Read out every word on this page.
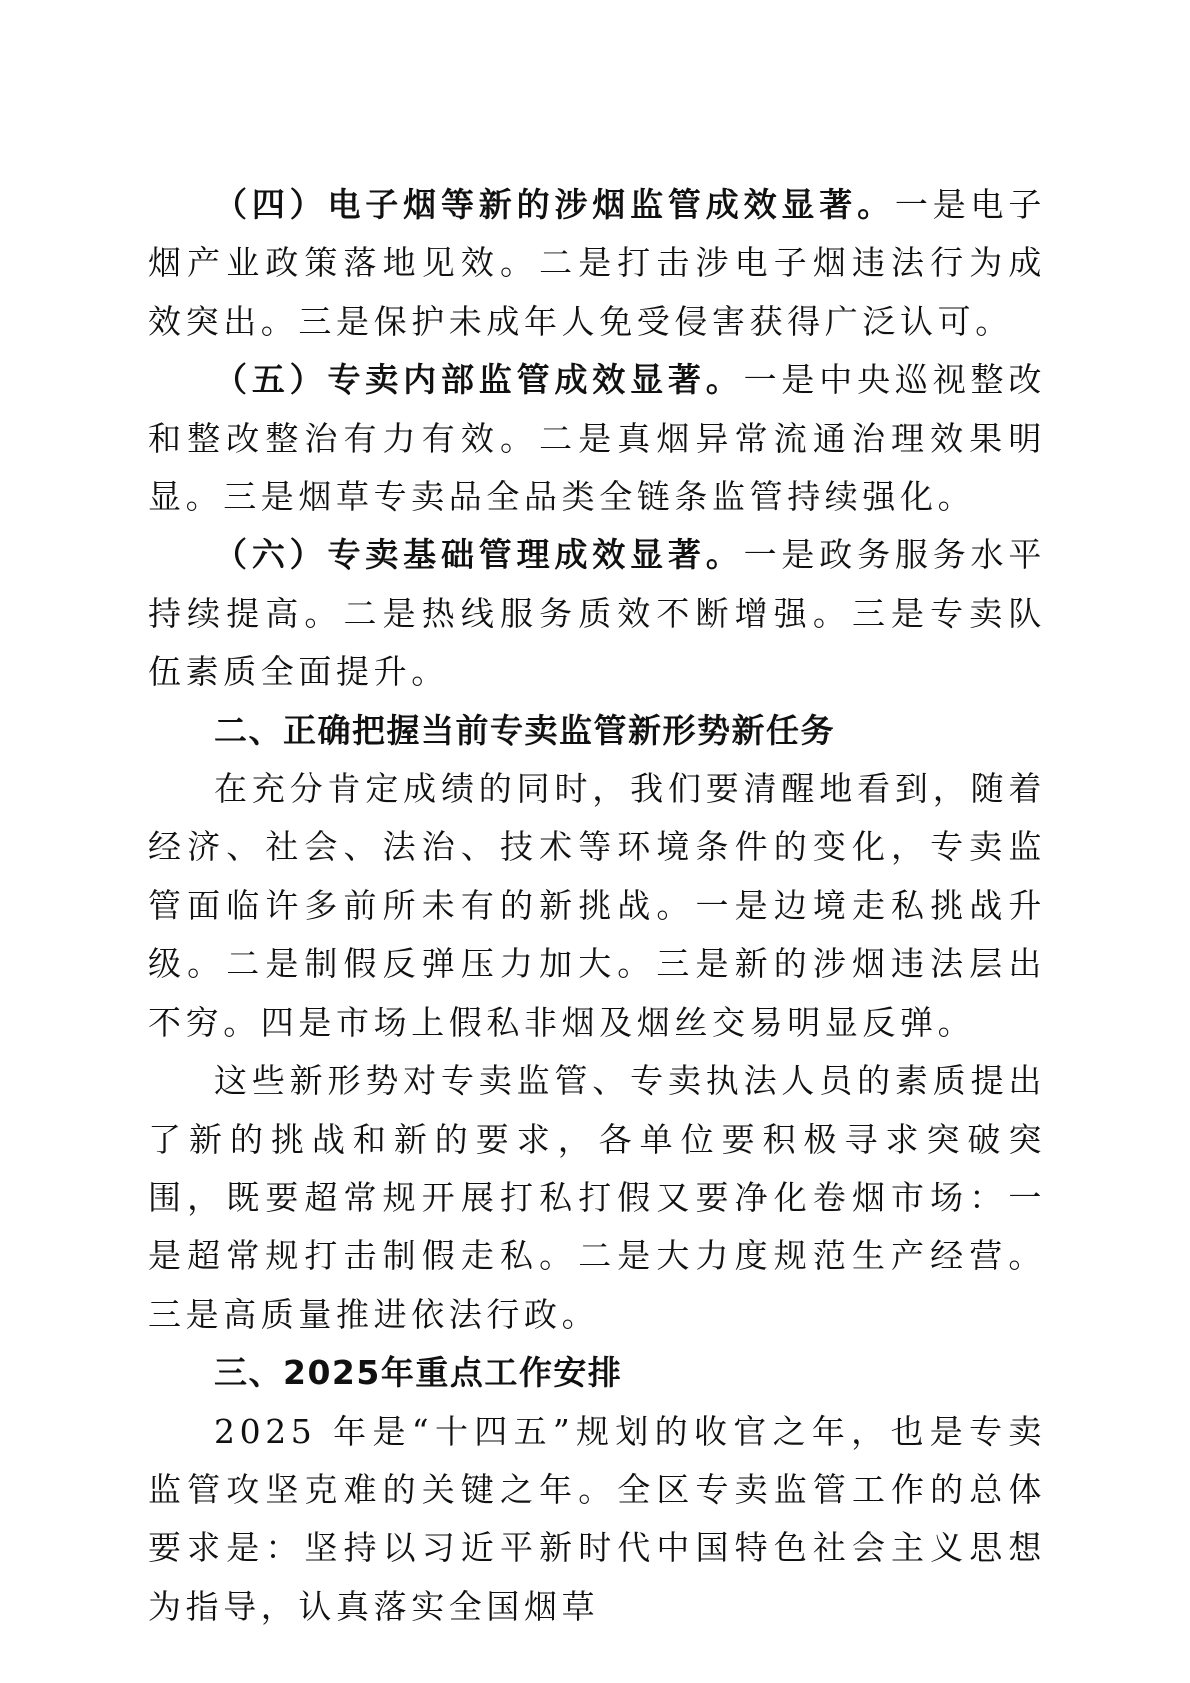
（四）电子烟等新的涉烟监管成效显著。一是电子烟产业政策落地见效。二是打击涉电子烟违法行为成效突出。三是保护未成年人免受侵害获得广泛认可。

（五）专卖内部监管成效显著。一是中央巡视整改和整改整治有力有效。二是真烟异常流通治理效果明显。三是烟草专卖品全品类全链条监管持续强化。

（六）专卖基础管理成效显著。一是政务服务水平持续提高。二是热线服务质效不断增强。三是专卖队伍素质全面提升。

二、正确把握当前专卖监管新形势新任务

在充分肯定成绩的同时，我们要清醒地看到，随着经济、社会、法治、技术等环境条件的变化，专卖监管面临许多前所未有的新挑战。一是边境走私挑战升级。二是制假反弹压力加大。三是新的涉烟违法层出不穷。四是市场上假私非烟及烟丝交易明显反弹。

这些新形势对专卖监管、专卖执法人员的素质提出了新的挑战和新的要求，各单位要积极寻求突破突围，既要超常规开展打私打假又要净化卷烟市场：一是超常规打击制假走私。二是大力度规范生产经营。三是高质量推进依法行政。

三、2025年重点工作安排

2025 年是“十四五”规划的收官之年，也是专卖监管攻坚克难的关键之年。全区专卖监管工作的总体要求是：坚持以习近平新时代中国特色社会主义思想为指导，认真落实全国烟草
